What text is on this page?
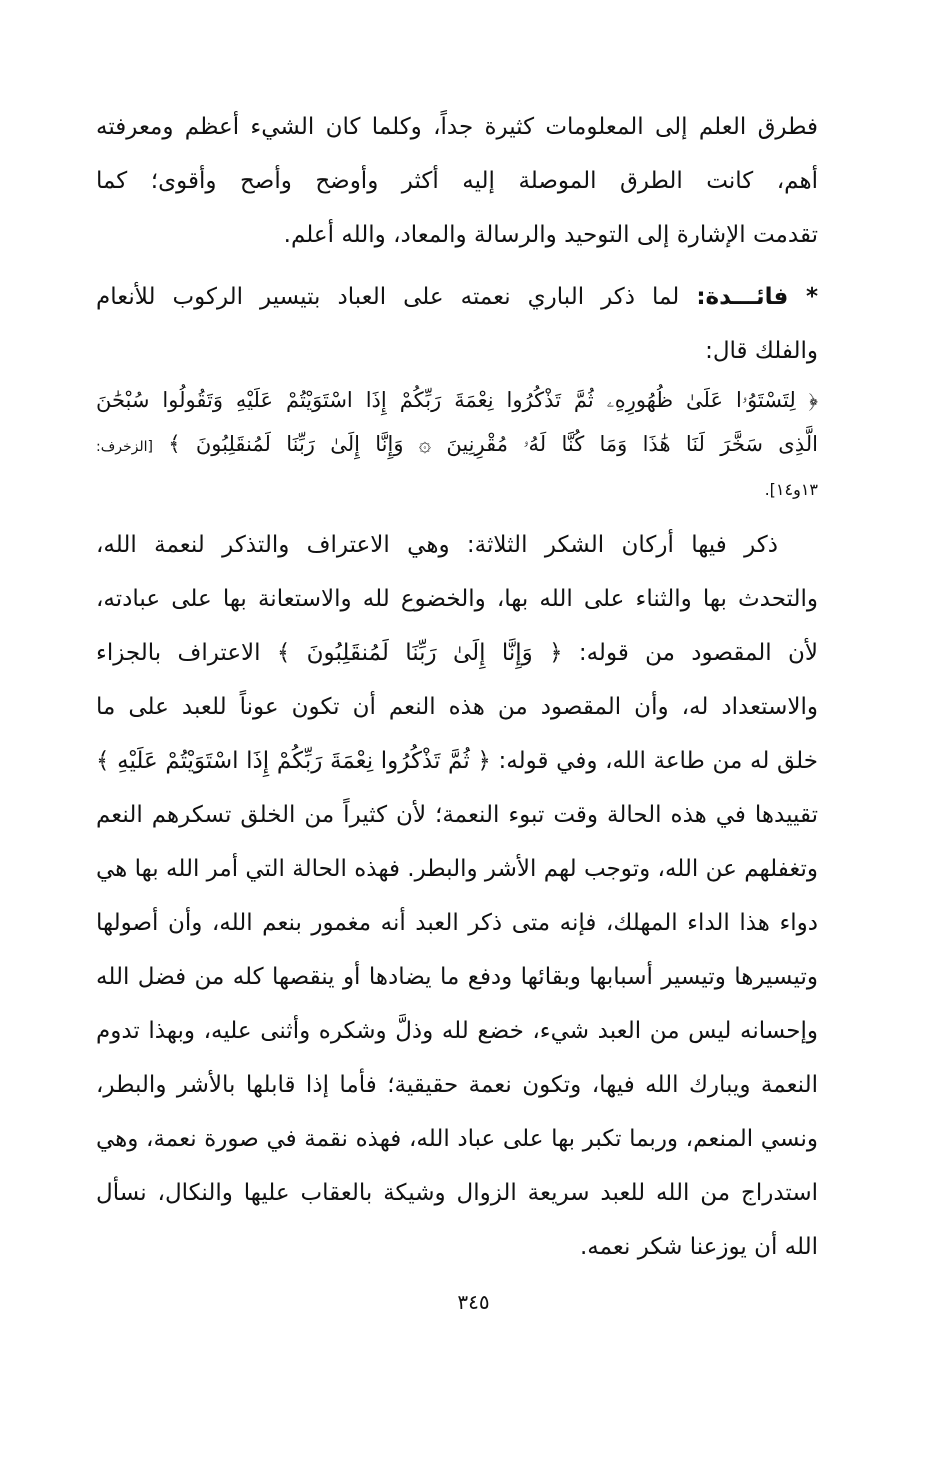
فطرق العلم إلى المعلومات كثيرة جداً، وكلما كان الشيء أعظم ومعرفته
أهم، كانت الطرق الموصلة إليه أكثر وأوضح وأصح وأقوى؛ كما
تقدمت الإشارة إلى التوحيد والرسالة والمعاد، والله أعلم.
* فائـــدة: لما ذكر الباري نعمته على العباد بتيسير الركوب للأنعام
والفلك قال:
﴿ لِتَسْتَوُۥا عَلَىٰ ظُهُورِهِۦ ثُمَّ تَذْكُرُوا نِعْمَةَ رَبِّكُمْ إِذَا اسْتَوَيْتُمْ عَلَيْهِ وَتَقُولُوا سُبْحَٰنَ
الَّذِى سَخَّرَ لَنَا هَٰذَا وَمَا كُنَّا لَهُۥ مُقْرِنِينَ ۞ وَإِنَّا إِلَىٰ رَبِّنَا لَمُنقَلِبُونَ ﴾ [الزخرف:
١٣و١٤].
ذكر فيها أركان الشكر الثلاثة: وهي الاعتراف والتذكر لنعمة الله،
والتحدث بها والثناء على الله بها، والخضوع لله والاستعانة بها على عبادته،
لأن المقصود من قوله: ﴿ وَإِنَّا إِلَىٰ رَبِّنَا لَمُنقَلِبُونَ ﴾ الاعتراف بالجزاء
والاستعداد له، وأن المقصود من هذه النعم أن تكون عوناً للعبد على ما
خلق له من طاعة الله، وفي قوله: ﴿ ثُمَّ تَذْكُرُوا نِعْمَةَ رَبِّكُمْ إِذَا اسْتَوَيْتُمْ عَلَيْهِ ﴾
تقييدها في هذه الحالة وقت تبوء النعمة؛ لأن كثيراً من الخلق تسكرهم النعم
وتغفلهم عن الله، وتوجب لهم الأشر والبطر. فهذه الحالة التي أمر الله بها هي
دواء هذا الداء المهلك، فإنه متى ذكر العبد أنه مغمور بنعم الله، وأن أصولها
وتيسيرها وتيسير أسبابها وبقائها ودفع ما يضادها أو ينقصها كله من فضل الله
وإحسانه ليس من العبد شيء، خضع لله وذلَّ وشكره وأثنى عليه، وبهذا تدوم
النعمة ويبارك الله فيها، وتكون نعمة حقيقية؛ فأما إذا قابلها بالأشر والبطر،
ونسي المنعم، وربما تكبر بها على عباد الله، فهذه نقمة في صورة نعمة، وهي
استدراج من الله للعبد سريعة الزوال وشيكة بالعقاب عليها والنكال، نسأل
الله أن يوزعنا شكر نعمه.
٣٤٥
